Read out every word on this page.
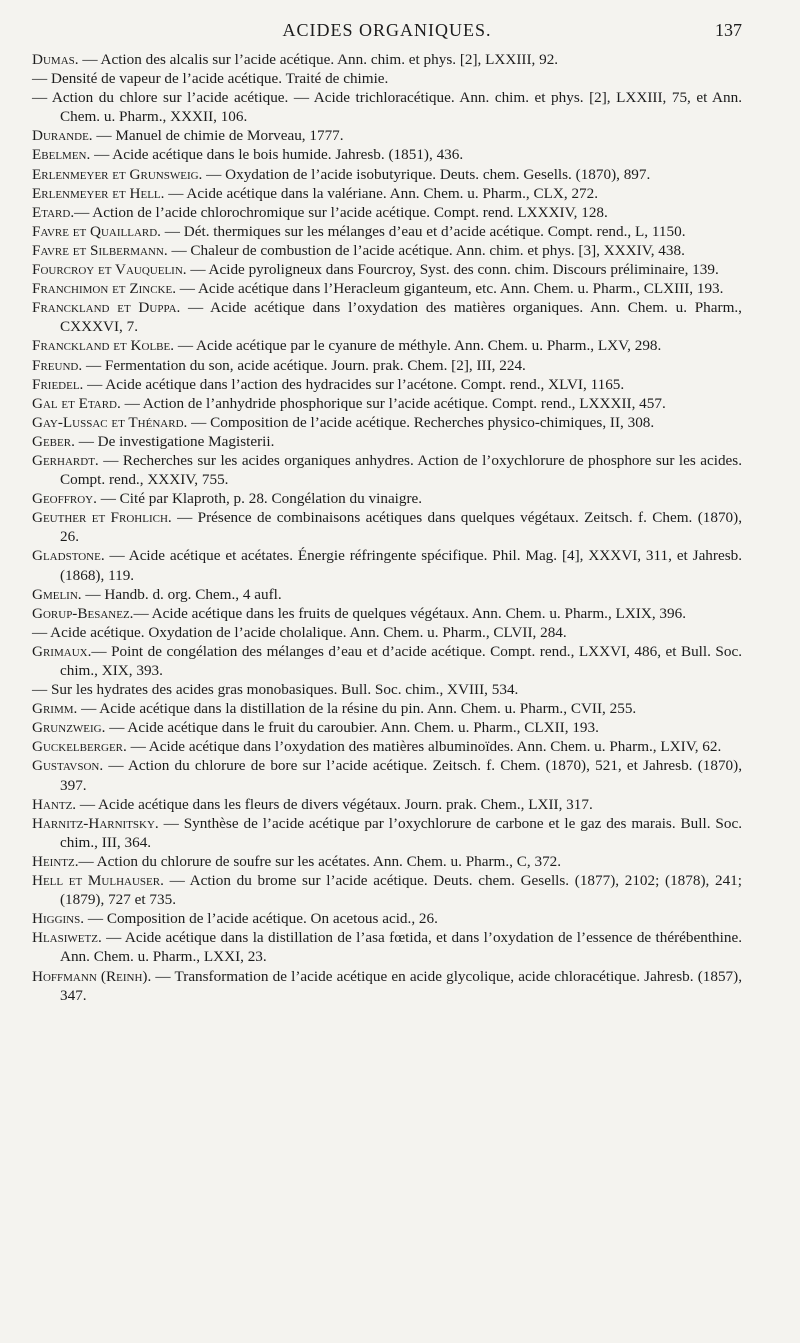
ACIDES ORGANIQUES.	137

Dumas. — Action des alcalis sur l’acide acétique. Ann. chim. et phys. [2], LXXIII, 92.

— Densité de vapeur de l’acide acétique. Traité de chimie.

— Action du chlore sur l’acide acétique. — Acide trichloracétique. Ann. chim. et phys. [2], LXXIII, 75, et Ann. Chem. u. Pharm., XXXII, 106.

Durande. — Manuel de chimie de Morveau, 1777.

Ebelmen. — Acide acétique dans le bois humide. Jahresb. (1851), 436.

Erlenmeyer et Grunsweig. — Oxydation de l’acide isobutyrique. Deuts. chem. Gesells. (1870), 897.

Erlenmeyer et Hell. — Acide acétique dans la valériane. Ann. Chem. u. Pharm., CLX, 272.

Etard.— Action de l’acide chlorochromique sur l’acide acétique. Compt. rend. LXXXIV, 128.

Favre et Quaillard. — Dét. thermiques sur les mélanges d’eau et d’acide acétique. Compt. rend., L, 1150.

Favre et Silbermann. — Chaleur de combustion de l’acide acétique. Ann. chim. et phys. [3], XXXIV, 438.

Fourcroy et Vauquelin. — Acide pyroligneux dans Fourcroy, Syst. des conn. chim. Discours préliminaire, 139.

Franchimon et Zincke. — Acide acétique dans l’Heracleum giganteum, etc. Ann. Chem. u. Pharm., CLXIII, 193.

Franckland et Duppa. — Acide acétique dans l’oxydation des matières organiques. Ann. Chem. u. Pharm., CXXXVI, 7.

Franckland et Kolbe. — Acide acétique par le cyanure de méthyle. Ann. Chem. u. Pharm., LXV, 298.

Freund. — Fermentation du son, acide acétique. Journ. prak. Chem. [2], III, 224.

Friedel. — Acide acétique dans l’action des hydracides sur l’acétone. Compt. rend., XLVI, 1165.

Gal et Etard. — Action de l’anhydride phosphorique sur l’acide acétique. Compt. rend., LXXXII, 457.

Gay-Lussac et Thénard. — Composition de l’acide acétique. Recherches physico-chimiques, II, 308.

Geber. — De investigatione Magisterii.

Gerhardt. — Recherches sur les acides organiques anhydres. Action de l’oxychlorure de phosphore sur les acides. Compt. rend., XXXIV, 755.

Geoffroy. — Cité par Klaproth, p. 28. Congélation du vinaigre.

Geuther et Frohlich. — Présence de combinaisons acétiques dans quelques végétaux. Zeitsch. f. Chem. (1870), 26.

Gladstone. — Acide acétique et acétates. Énergie réfringente spécifique. Phil. Mag. [4], XXXVI, 311, et Jahresb. (1868), 119.

Gmelin. — Handb. d. org. Chem., 4 aufl.

Gorup-Besanez.— Acide acétique dans les fruits de quelques végétaux. Ann. Chem. u. Pharm., LXIX, 396.

— Acide acétique. Oxydation de l’acide cholalique. Ann. Chem. u. Pharm., CLVII, 284.

Grimaux.— Point de congélation des mélanges d’eau et d’acide acétique. Compt. rend., LXXVI, 486, et Bull. Soc. chim., XIX, 393.

— Sur les hydrates des acides gras monobasiques. Bull. Soc. chim., XVIII, 534.

Grimm. — Acide acétique dans la distillation de la résine du pin. Ann. Chem. u. Pharm., CVII, 255.

Grunzweig. — Acide acétique dans le fruit du caroubier. Ann. Chem. u. Pharm., CLXII, 193.

Guckelberger. — Acide acétique dans l’oxydation des matières albuminoïdes. Ann. Chem. u. Pharm., LXIV, 62.

Gustavson. — Action du chlorure de bore sur l’acide acétique. Zeitsch. f. Chem. (1870), 521, et Jahresb. (1870), 397.

Hantz. — Acide acétique dans les fleurs de divers végétaux. Journ. prak. Chem., LXII, 317.

Harnitz-Harnitsky. — Synthèse de l’acide acétique par l’oxychlorure de carbone et le gaz des marais. Bull. Soc. chim., III, 364.

Heintz.— Action du chlorure de soufre sur les acétates. Ann. Chem. u. Pharm., C, 372.

Hell et Mulhauser. — Action du brome sur l’acide acétique. Deuts. chem. Gesells. (1877), 2102; (1878), 241; (1879), 727 et 735.

Higgins. — Composition de l’acide acétique. On acetous acid., 26.

Hlasiwetz. — Acide acétique dans la distillation de l’asa fœtida, et dans l’oxydation de l’essence de thérébenthine. Ann. Chem. u. Pharm., LXXI, 23.

Hoffmann (Reinh). — Transformation de l’acide acétique en acide glycolique, acide chloracétique. Jahresb. (1857), 347.
